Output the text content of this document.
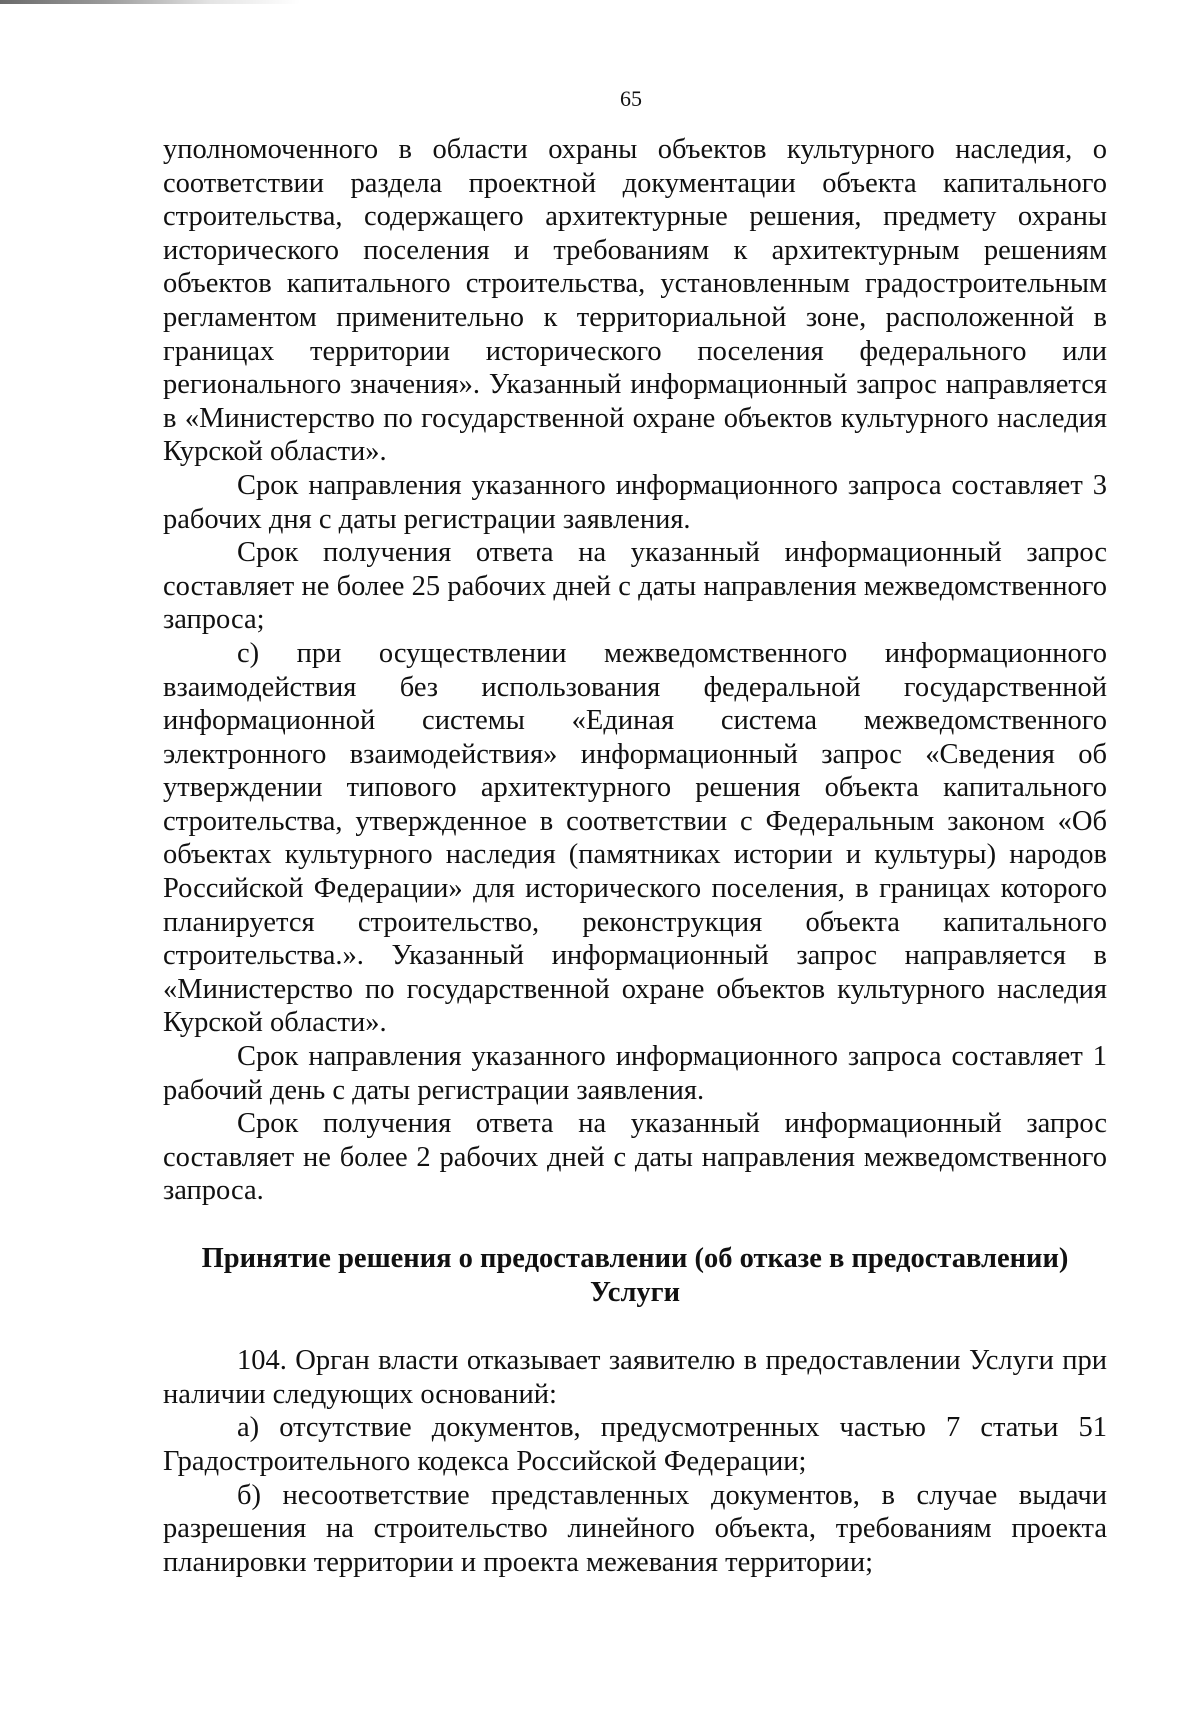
65

уполномоченного в области охраны объектов культурного наследия, о соответствии раздела проектной документации объекта капитального строительства, содержащего архитектурные решения, предмету охраны исторического поселения и требованиям к архитектурным решениям объектов капитального строительства, установленным градостроительным регламентом применительно к территориальной зоне, расположенной в границах территории исторического поселения федерального или регионального значения». Указанный информационный запрос направляется в «Министерство по государственной охране объектов культурного наследия Курской области».

Срок направления указанного информационного запроса составляет 3 рабочих дня с даты регистрации заявления.

Срок получения ответа на указанный информационный запрос составляет не более 25 рабочих дней с даты направления межведомственного запроса;

с) при осуществлении межведомственного информационного взаимодействия без использования федеральной государственной информационной системы «Единая система межведомственного электронного взаимодействия» информационный запрос «Сведения об утверждении типового архитектурного решения объекта капитального строительства, утвержденное в соответствии с Федеральным законом «Об объектах культурного наследия (памятниках истории и культуры) народов Российской Федерации» для исторического поселения, в границах которого планируется строительство, реконструкция объекта капитального строительства.». Указанный информационный запрос направляется в «Министерство по государственной охране объектов культурного наследия Курской области».

Срок направления указанного информационного запроса составляет 1 рабочий день с даты регистрации заявления.

Срок получения ответа на указанный информационный запрос составляет не более 2 рабочих дней с даты направления межведомственного запроса.

Принятие решения о предоставлении (об отказе в предоставлении)
Услуги

104. Орган власти отказывает заявителю в предоставлении Услуги при наличии следующих оснований:

а) отсутствие документов, предусмотренных частью 7 статьи 51 Градостроительного кодекса Российской Федерации;

б) несоответствие представленных документов, в случае выдачи разрешения на строительство линейного объекта, требованиям проекта планировки территории и проекта межевания территории;
